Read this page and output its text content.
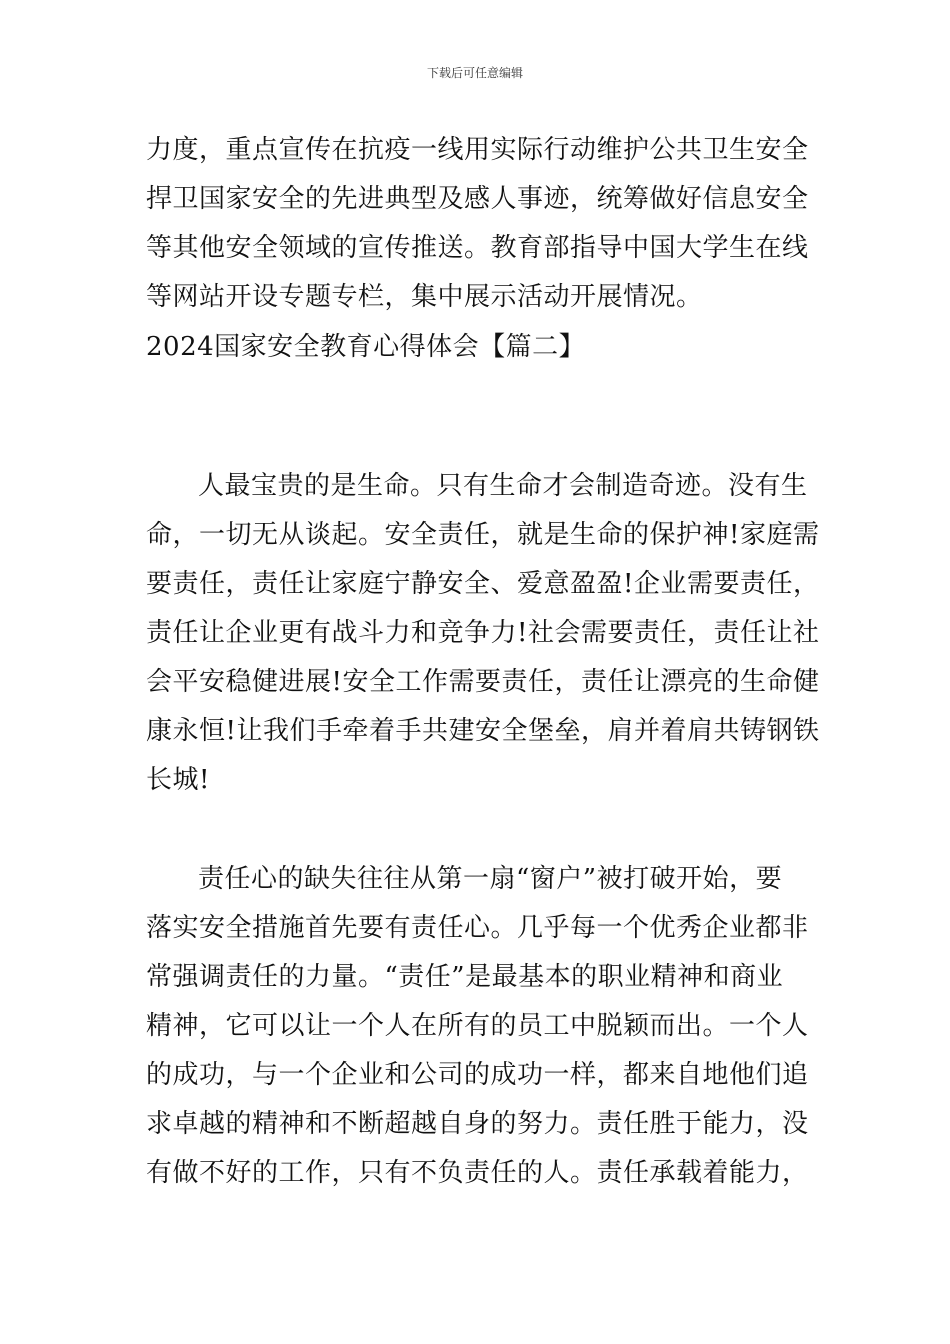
下载后可任意编辑
力度，重点宣传在抗疫一线用实际行动维护公共卫生安全
捍卫国家安全的先进典型及感人事迹，统筹做好信息安全
等其他安全领域的宣传推送。教育部指导中国大学生在线
等网站开设专题专栏，集中展示活动开展情况。
2024国家安全教育心得体会【篇二】
人最宝贵的是生命。只有生命才会制造奇迹。没有生
命，一切无从谈起。安全责任，就是生命的保护神!家庭需
要责任，责任让家庭宁静安全、爱意盈盈!企业需要责任，
责任让企业更有战斗力和竞争力!社会需要责任，责任让社
会平安稳健进展!安全工作需要责任，责任让漂亮的生命健
康永恒!让我们手牵着手共建安全堡垒，肩并着肩共铸钢铁
长城!
责任心的缺失往往从第一扇“窗户”被打破开始，要
落实安全措施首先要有责任心。几乎每一个优秀企业都非
常强调责任的力量。“责任”是最基本的职业精神和商业
精神，它可以让一个人在所有的员工中脱颖而出。一个人
的成功，与一个企业和公司的成功一样，都来自地他们追
求卓越的精神和不断超越自身的努力。责任胜于能力，没
有做不好的工作，只有不负责任的人。责任承载着能力，
